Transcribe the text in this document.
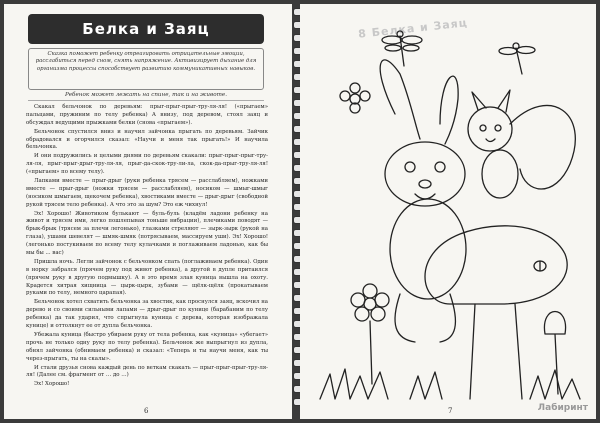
Белка и Заяц
Сказка поможет ребенку отреагировать отрицательные эмоции, расслабиться перед сном, снять напряжение. Активизирует дыхание для организма процессы способствует развитию коммуникативных навыков.
Ребенок может лежать на спине, так и на животе.

Скакал бельчонок по деревьям: прыг-прыг-прыг-тру-ля-ля! («прыгаем» пальцами, пружиним по телу ребенка) А внизу, под деревом, стоял заяц и обсуждал ведущими прыжками белки (снова «прыгаем»).

Бельчонок спустился вниз и научил зайчонка прыгать по деревьям. Зайчик обрадовался и огорчился сказал: «Научи и меня так прыгать!» И научила бельчонка.

И они подружились и целыми днями по деревьям скакали: прыг-прыг-прыг-тру-ля-ля, прыг-прыг-дрыг-тру-ля-ля, прыг-да-скок-тру-ли-ла, скок-да-прыг-тру-ля-ля! («прыгаем» по всему телу).

Лапками вместе — прыг-дрыг (руки ребенка трясем — расслабляем), ножками вместе — прыг-дрыг (ножки трясем — расслабляем), носиком — шмыг-шмыг (носиком шмыгаем, щекочем ребенка), хвостиками вместе — дрыг-дрыг (свободной рукой трясем тело ребенка). А что это за шум? Это еж чихнул!

Эх! Хорошо! Животиком булькают — буль-буль (кладём ладони ребенку на живот и трясем ими, легко пошлепывая тоньше вибрации), плечиками поводят — брык-брык (трясем за плечи легонько), глазками стреляют — зырк-зырк (рукой на глаза), ушами шевелят — шмяк-шмяк (потрясываем, массируем уши). Эх! Хорошо! (легонько постукиваем по всему телу кулачками и поглаживаем ладонью, как бы мы бы ... вас)

Пришла ночь. Легли зайчонок с бельчонком спать (поглаживаем ребенка). Один в норку забрался (прячем руку под живот ребенка), а другой в дупле притаился (прячем руку в другую подмышку). А в это время злая куница вышла на охоту. Крадется хитрая хищница — цырк-цырк, зубами — щёлк-щёлк (прокатываем руками по телу, немного царапая).

Бельчонок хотел схватить бельчонка за хвостик, как проснулся заяц, вскочил на дерево и со своими сильными лапами — дрыг-дрыг по кунице (барабаним по телу ребенка) да так ударил, что спрыгнула куница с дерева, которая изображала кунице) и оттолкнут ее от дупла бельчонка.

Убежала куница (быстро убираем руку от тела ребенка, как «куница» «убегает» прочь не только одну руку по телу ребенка). Бельчонок же выпрыгнул из дупла, обнял зайчонка (обнимаем ребенка) и сказал: «Теперь и ты научи меня, как ты через-прыгать, ты на скалы».

И стали друзья снова каждый день по веткам скакать — прыг-прыг-прыг-тру-ля-ля! (Далее см. фрагмент от … до …)

Эх! Хорошо!

6
8 Белка и Заяц
Лабиринт
7
